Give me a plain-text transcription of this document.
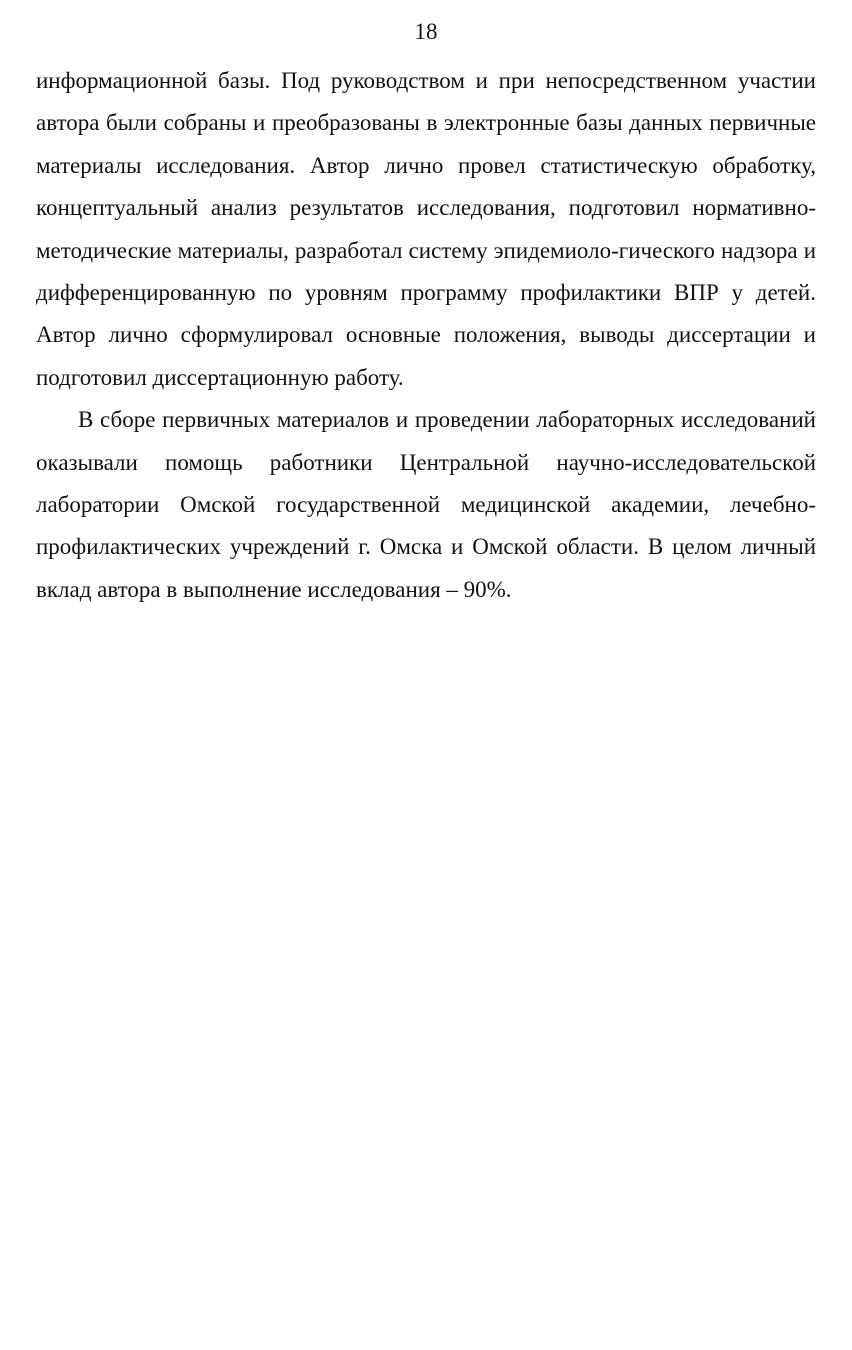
18

информационной базы. Под руководством и при непосредственном участии автора были собраны и преобразованы в электронные базы данных первичные материалы исследования. Автор лично провел статистическую обработку, концептуальный анализ результатов исследования, подготовил нормативно-методические материалы, разработал систему эпидемиоло-гического надзора и дифференцированную по уровням программу профилактики ВПР у детей. Автор лично сформулировал основные положения, выводы диссертации и подготовил диссертационную работу.

В сборе первичных материалов и проведении лабораторных исследований оказывали помощь работники Центральной научно-исследовательской лаборатории Омской государственной медицинской академии, лечебно-профилактических учреждений г. Омска и Омской области. В целом личный вклад автора в выполнение исследования – 90%.
